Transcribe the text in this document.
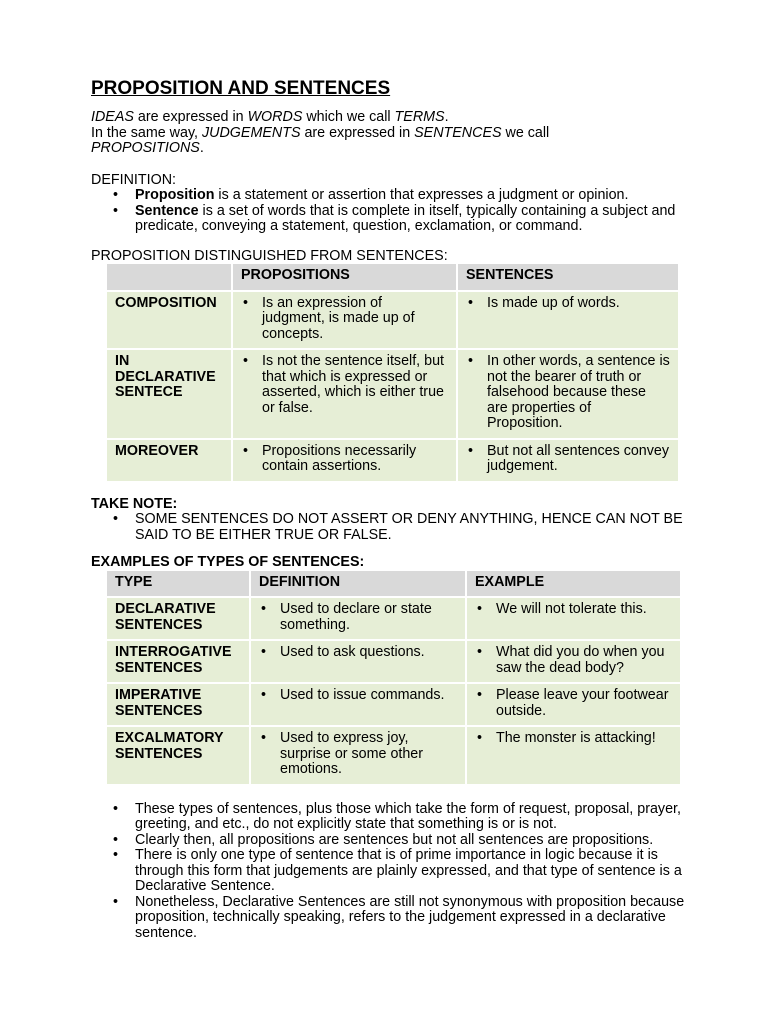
PROPOSITION AND SENTENCES

IDEAS are expressed in WORDS which we call TERMS.

In the same way, JUDGEMENTS are expressed in SENTENCES we call

PROPOSITIONS.

DEFINITION:

• Proposition is a statement or assertion that expresses a judgment or opinion.
• Sentence is a set of words that is complete in itself, typically containing a subject and predicate, conveying a statement, question, exclamation, or command.

PROPOSITION DISTINGUISHED FROM SENTENCES:

	PROPOSITIONS	SENTENCES
COMPOSITION	• Is an expression of judgment, is made up of concepts.	• Is made up of words.

IN DECLARATIVE SENTECE	• Is not the sentence itself, but that which is expressed or asserted, which is either true or false.	• In other words, a sentence is not the bearer of truth or falsehood because these are properties of Proposition.

MOREOVER	• Propositions necessarily contain assertions.	• But not all sentences convey judgement.

TAKE NOTE:

• SOME SENTENCES DO NOT ASSERT OR DENY ANYTHING, HENCE CAN NOT BE SAID TO BE EITHER TRUE OR FALSE.

EXAMPLES OF TYPES OF SENTENCES:

TYPE	DEFINITION	EXAMPLE
DECLARATIVE SENTENCES	• Used to declare or state something.	• We will not tolerate this.

INTERROGATIVE SENTENCES	• Used to ask questions.	• What did you do when you saw the dead body?

IMPERATIVE SENTENCES	• Used to issue commands.	• Please leave your footwear outside.

EXCALMATORY SENTENCES	• Used to express joy, surprise or some other emotions.	• The monster is attacking!
• These types of sentences, plus those which take the form of request, proposal, prayer, greeting, and etc., do not explicitly state that something is or is not.
• Clearly then, all propositions are sentences but not all sentences are propositions.
• There is only one type of sentence that is of prime importance in logic because it is through this form that judgements are plainly expressed, and that type of sentence is a Declarative Sentence.
• Nonetheless, Declarative Sentences are still not synonymous with proposition because proposition, technically speaking, refers to the judgement expressed in a declarative sentence.
